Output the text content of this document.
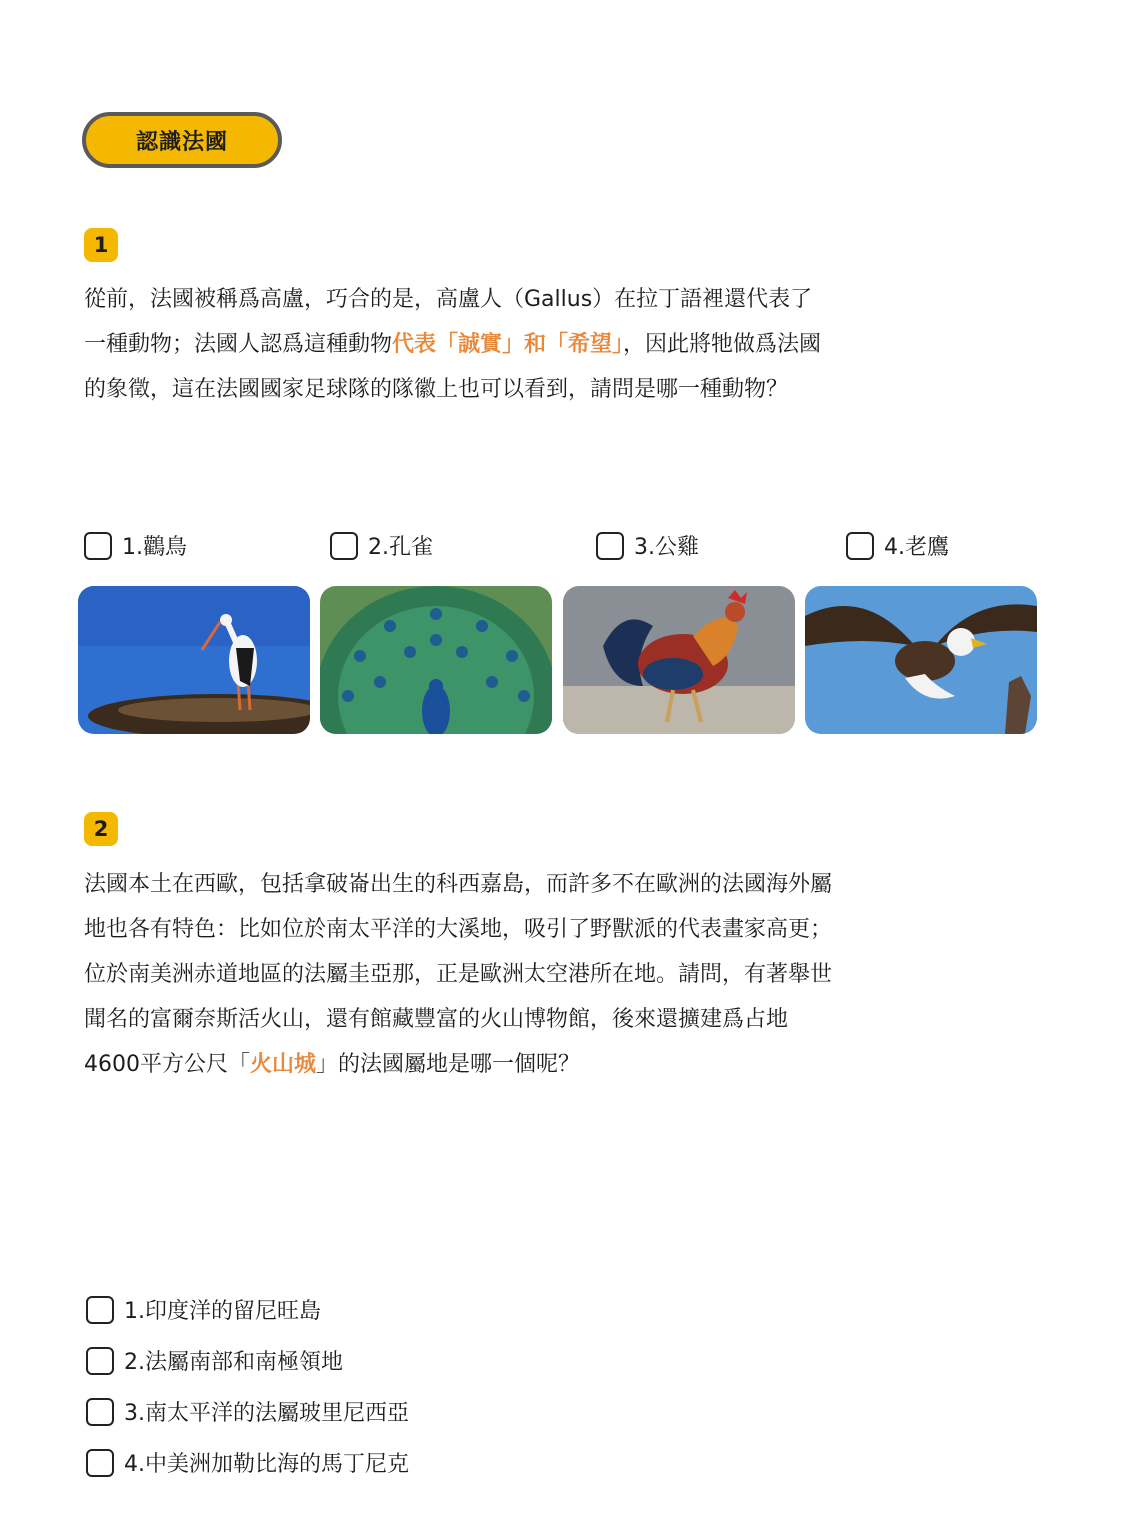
認識法國
1

從前，法國被稱爲高盧，巧合的是，高盧人（Gallus）在拉丁語裡還代表了一種動物；法國人認爲這種動物代表「誠實」和「希望」，因此將牠做爲法國的象徵，這在法國國家足球隊的隊徽上也可以看到，請問是哪一種動物？

1.鸛鳥	2.孔雀	3.公雞	4.老鷹
2

法國本土在西歐，包括拿破崙出生的科西嘉島，而許多不在歐洲的法國海外屬地也各有特色：比如位於南太平洋的大溪地，吸引了野獸派的代表畫家高更；位於南美洲赤道地區的法屬圭亞那，正是歐洲太空港所在地。請問，有著舉世聞名的富爾奈斯活火山，還有館藏豐富的火山博物館，後來還擴建爲占地4600平方公尺「火山城」的法國屬地是哪一個呢？

1.印度洋的留尼旺島
2.法屬南部和南極領地
3.南太平洋的法屬玻里尼西亞
4.中美洲加勒比海的馬丁尼克
